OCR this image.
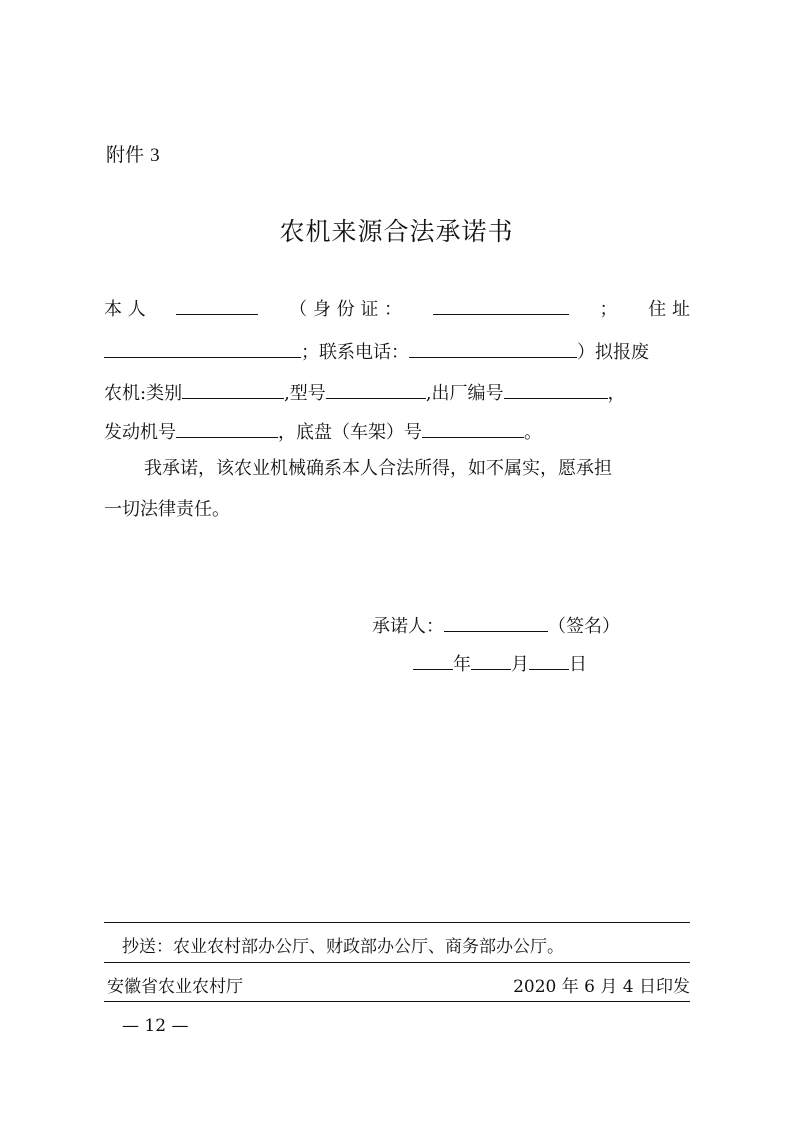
附件 3
农机来源合法承诺书
本 人	（ 身 份 证 ：	； 住 址
；联系电话：	）拟报废
农机:类别	,型号	,出厂编号	，
发动机号	，底盘（车架）号	。
我承诺，该农业机械确系本人合法所得，如不属实，愿承担
一切法律责任。
承诺人：	（签名）
年 月 日
抄送：农业农村部办公厅、财政部办公厅、商务部办公厅。
安徽省农业农村厅	2020 年 6 月 4 日印发
— 12 —
